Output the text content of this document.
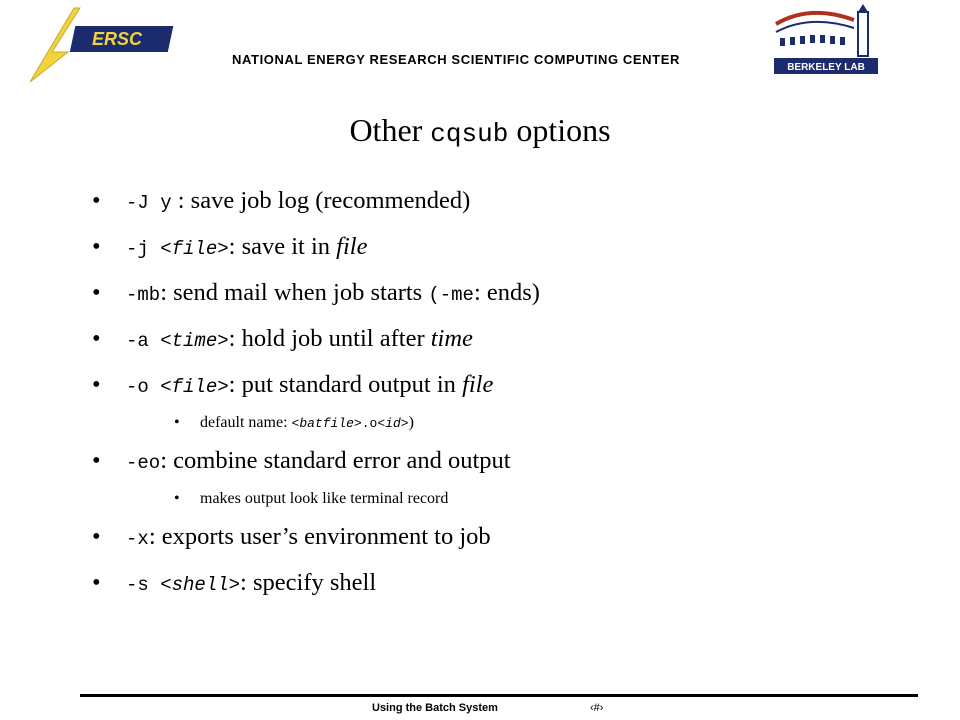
ERSC
BERKELEY LAB
NATIONAL ENERGY RESEARCH SCIENTIFIC COMPUTING CENTER
Other cqsub options
• -J y : save job log (recommended)
• -j <file>: save it in file
• -mb: send mail when job starts (-me: ends)
• -a <time>: hold job until after time
• -o <file>: put standard output in file
• default name: <batfile>.o<id>)
• -eo: combine standard error and output
• makes output look like terminal record
• -x: exports user’s environment to job
• -s <shell>: specify shell
Using the Batch System	‹#›
